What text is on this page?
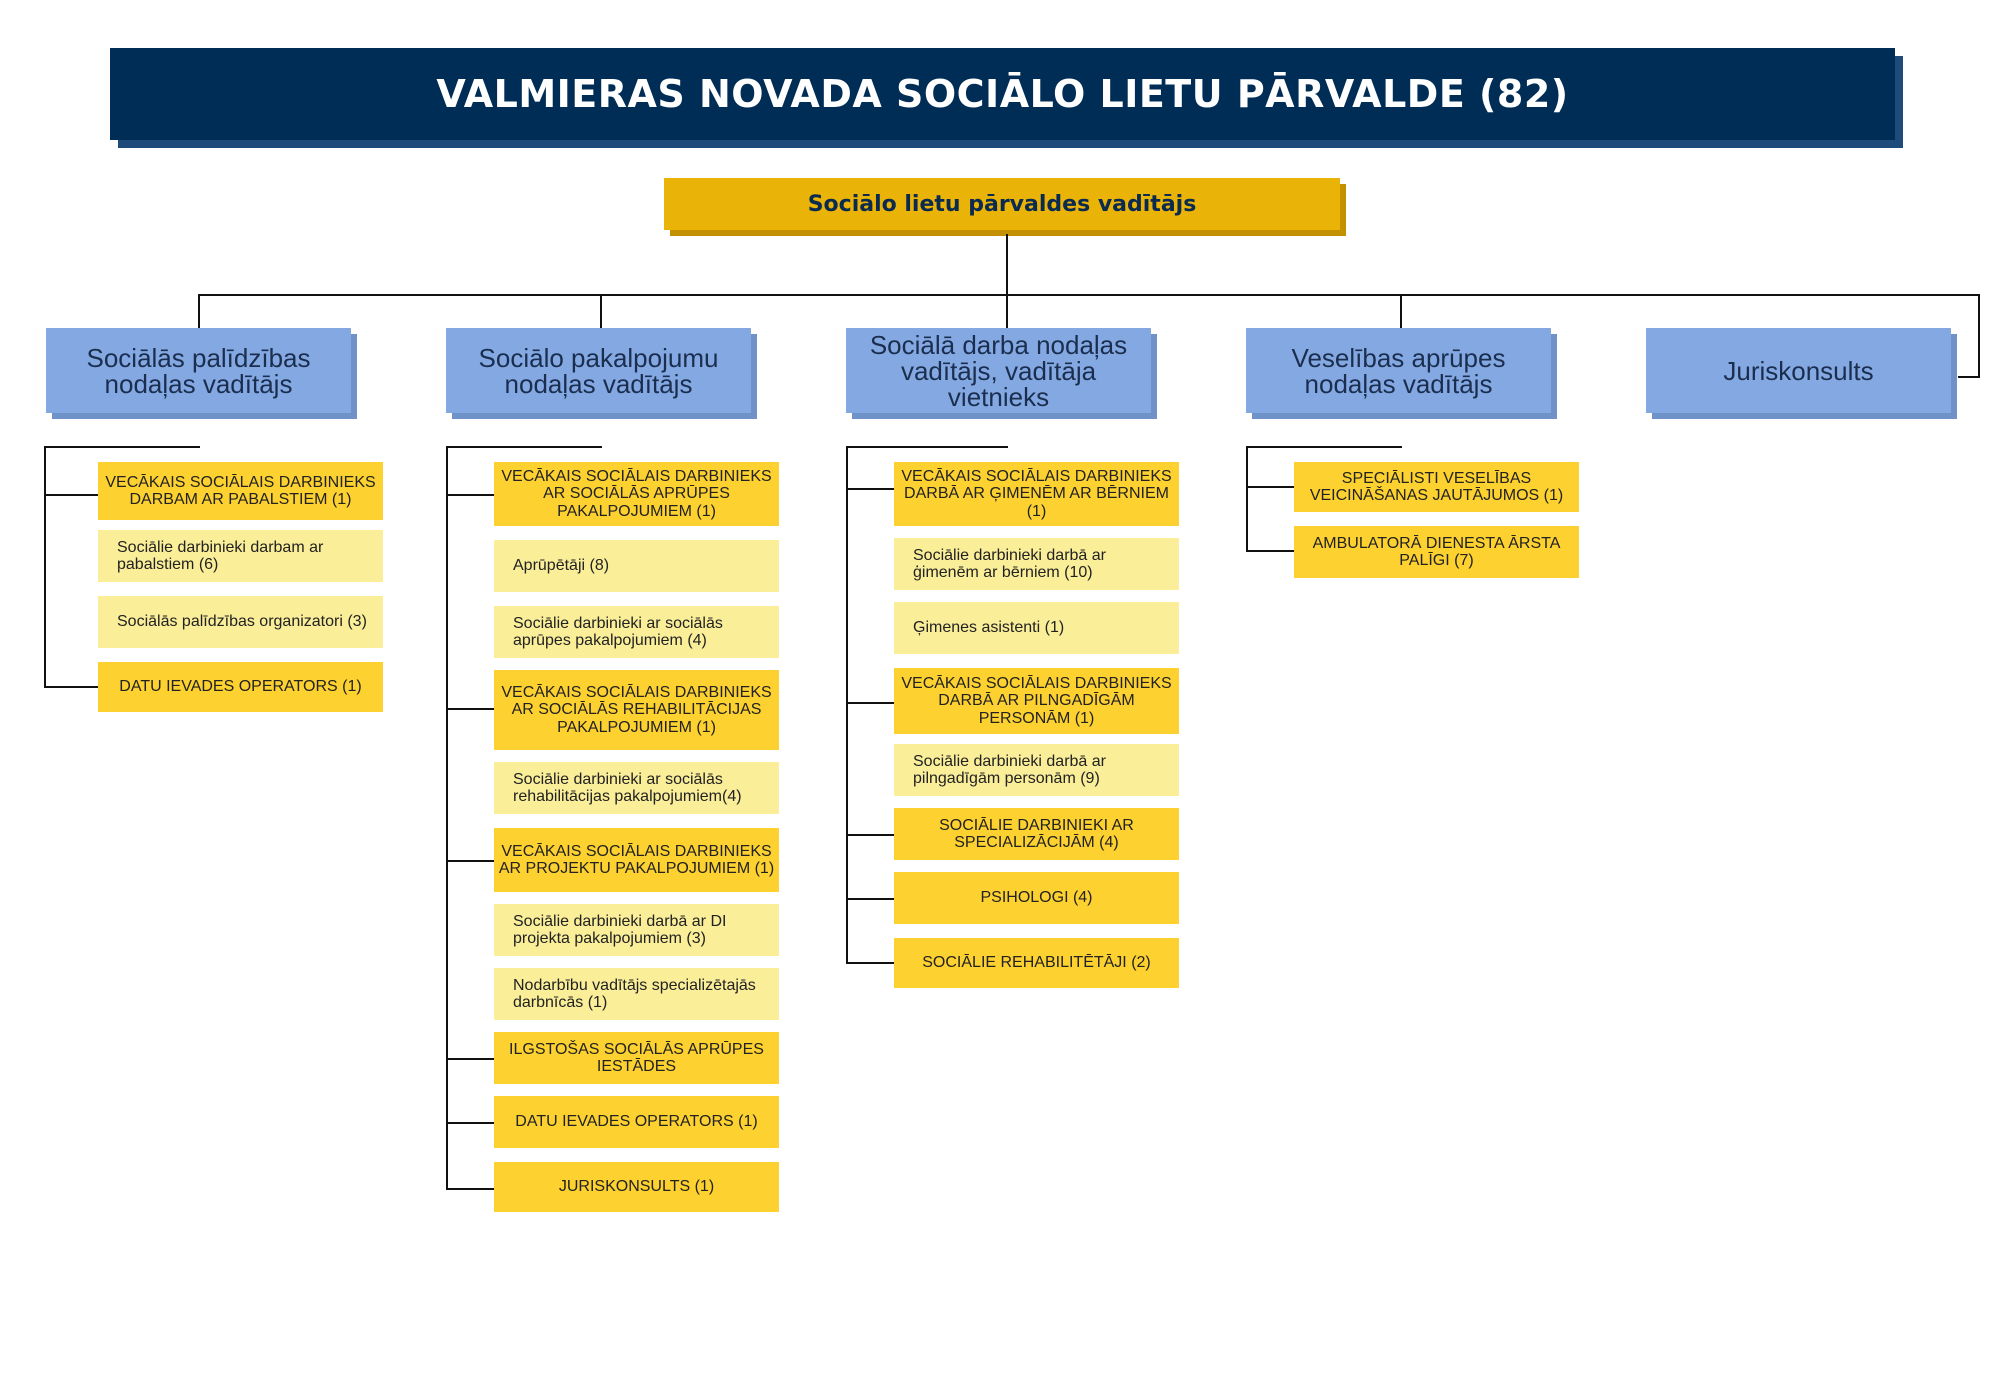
VALMIERAS NOVADA SOCIĀLO LIETU PĀRVALDE (82)
Sociālo lietu pārvaldes vadītājs
Sociālās palīdzības nodaļas vadītājs
Sociālo pakalpojumu nodaļas vadītājs
Sociālā darba nodaļas vadītājs, vadītāja vietnieks
Veselības aprūpes nodaļas vadītājs	Juriskonsults
VECĀKAIS SOCIĀLAIS DARBINIEKS DARBAM AR PABALSTIEM (1)
Sociālie darbinieki darbam ar pabalstiem (6)
Sociālās palīdzības organizatori (3)
DATU IEVADES OPERATORS (1)
VECĀKAIS SOCIĀLAIS DARBINIEKS AR SOCIĀLĀS APRŪPES PAKALPOJUMIEM (1)
Aprūpētāji (8)
Sociālie darbinieki ar sociālās aprūpes pakalpojumiem (4)
VECĀKAIS SOCIĀLAIS DARBINIEKS AR SOCIĀLĀS REHABILITĀCIJAS PAKALPOJUMIEM (1)
Sociālie darbinieki ar sociālās rehabilitācijas pakalpojumiem(4)
VECĀKAIS SOCIĀLAIS DARBINIEKS AR PROJEKTU PAKALPOJUMIEM (1)
Sociālie darbinieki darbā ar DI projekta pakalpojumiem (3)
Nodarbību vadītājs specializētajās darbnīcās (1)
ILGSTOŠAS SOCIĀLĀS APRŪPES IESTĀDES
DATU IEVADES OPERATORS (1)
JURISKONSULTS (1)
VECĀKAIS SOCIĀLAIS DARBINIEKS DARBĀ AR ĢIMENĒM AR BĒRNIEM (1)
Sociālie darbinieki darbā ar ģimenēm ar bērniem (10)
Ģimenes asistenti (1)
VECĀKAIS SOCIĀLAIS DARBINIEKS DARBĀ AR PILNGADĪGĀM PERSONĀM (1)
Sociālie darbinieki darbā ar pilngadīgām personām (9)
SOCIĀLIE DARBINIEKI AR SPECIALIZĀCIJĀM (4)
PSIHOLOGI (4)
SOCIĀLIE REHABILITĒTĀJI (2)
SPECIĀLISTI VESELĪBAS VEICINĀŠANAS JAUTĀJUMOS (1)
AMBULATORĀ DIENESTA ĀRSTA PALĪGI (7)
